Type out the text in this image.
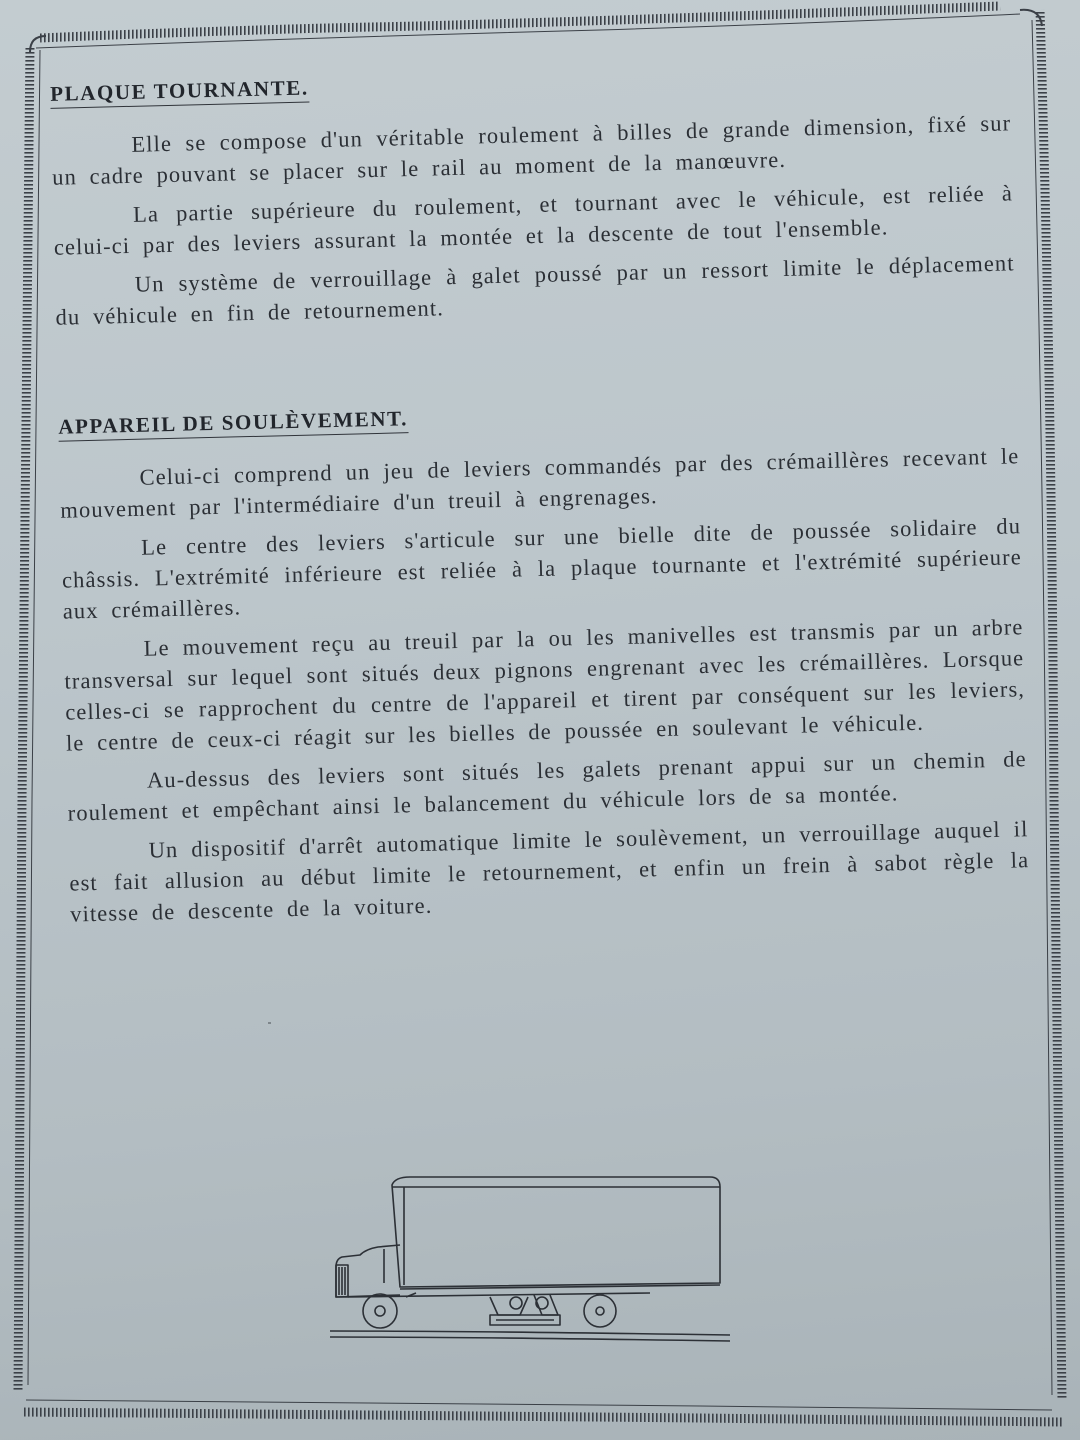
PLAQUE TOURNANTE.

Elle se compose d'un véritable roulement à billes de grande dimension, fixé sur un cadre pouvant se placer sur le rail au moment de la manœuvre.

La partie supérieure du roulement, et tournant avec le véhicule, est reliée à celui-ci par des leviers assurant la montée et la descente de tout l'ensemble.

Un système de verrouillage à galet poussé par un ressort limite le déplacement du véhicule en fin de retournement.

APPAREIL DE SOULÈVEMENT.

Celui-ci comprend un jeu de leviers commandés par des crémaillères recevant le mouvement par l'intermédiaire d'un treuil à engrenages.

Le centre des leviers s'articule sur une bielle dite de poussée solidaire du châssis. L'extrémité inférieure est reliée à la plaque tournante et l'extrémité supérieure aux crémaillères.

Le mouvement reçu au treuil par la ou les manivelles est transmis par un arbre transversal sur lequel sont situés deux pignons engrenant avec les crémaillères. Lorsque celles-ci se rapprochent du centre de l'appareil et tirent par conséquent sur les leviers, le centre de ceux-ci réagit sur les bielles de poussée en soulevant le véhicule.

Au-dessus des leviers sont situés les galets prenant appui sur un chemin de roulement et empêchant ainsi le balancement du véhicule lors de sa montée.

Un dispositif d'arrêt automatique limite le soulèvement, un verrouillage auquel il est fait allusion au début limite le retournement, et enfin un frein à sabot règle la vitesse de descente de la voiture.
